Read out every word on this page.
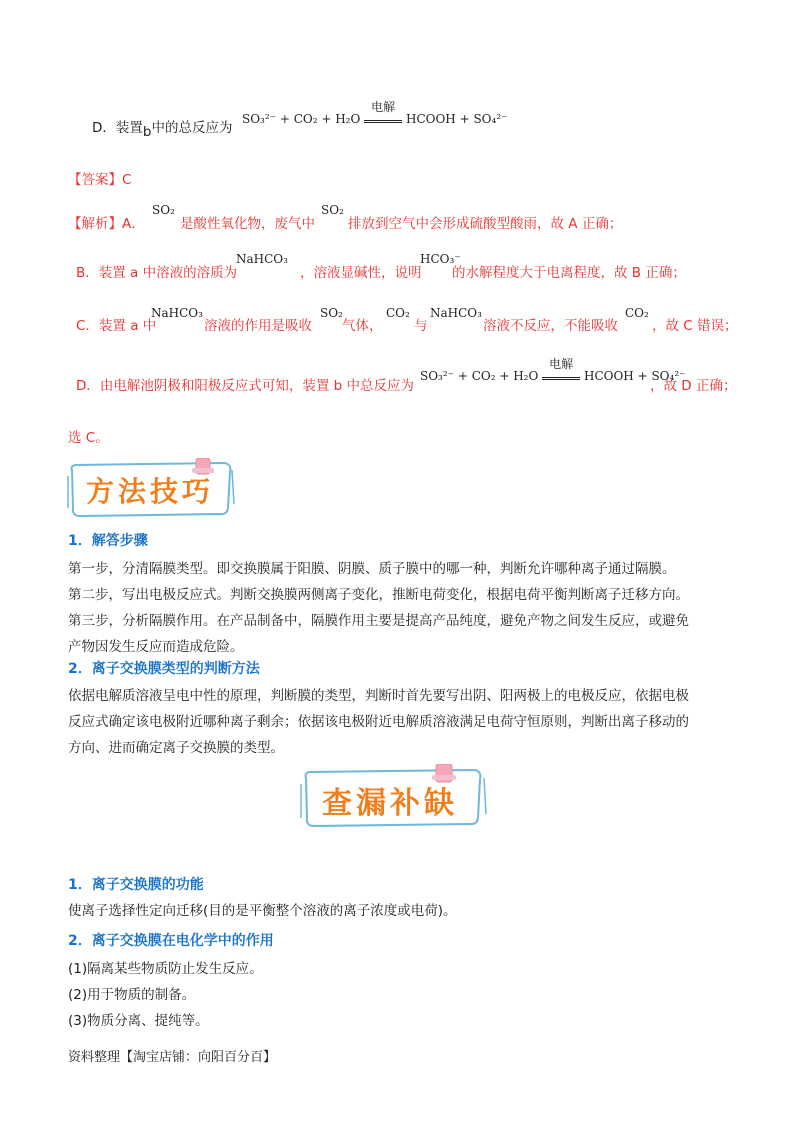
D．装置b中的总反应为
SO₃²⁻ + CO₂ + H₂O
电解
HCOOH + SO₄²⁻
【答案】C
【解析】A．
SO₂
是酸性氧化物，废气中
SO₂
排放到空气中会形成硫酸型酸雨，故 A 正确；
B．装置 a 中溶液的溶质为
NaHCO₃
，溶液显碱性，说明
HCO₃⁻
的水解程度大于电离程度，故 B 正确；
C．装置 a 中
NaHCO₃
溶液的作用是吸收
SO₂
气体，
CO₂
与
NaHCO₃
溶液不反应，不能吸收
CO₂
，故 C 错误；
D．由电解池阴极和阳极反应式可知，装置 b 中总反应为
SO₃²⁻ + CO₂ + H₂O
电解
HCOOH + SO₄²⁻
，故 D 正确；
选 C。
方法技巧
1．解答步骤
第一步，分清隔膜类型。即交换膜属于阳膜、阴膜、质子膜中的哪一种，判断允许哪种离子通过隔膜。
第二步，写出电极反应式。判断交换膜两侧离子变化，推断电荷变化，根据电荷平衡判断离子迁移方向。
第三步，分析隔膜作用。在产品制备中，隔膜作用主要是提高产品纯度，避免产物之间发生反应，或避免
产物因发生反应而造成危险。
2．离子交换膜类型的判断方法
依据电解质溶液呈电中性的原理，判断膜的类型，判断时首先要写出阴、阳两极上的电极反应，依据电极
反应式确定该电极附近哪种离子剩余；依据该电极附近电解质溶液满足电荷守恒原则，判断出离子移动的
方向、进而确定离子交换膜的类型。
查漏补缺
1．离子交换膜的功能
使离子选择性定向迁移(目的是平衡整个溶液的离子浓度或电荷)。
2．离子交换膜在电化学中的作用
(1)隔离某些物质防止发生反应。
(2)用于物质的制备。
(3)物质分离、提纯等。
资料整理【淘宝店铺：向阳百分百】
